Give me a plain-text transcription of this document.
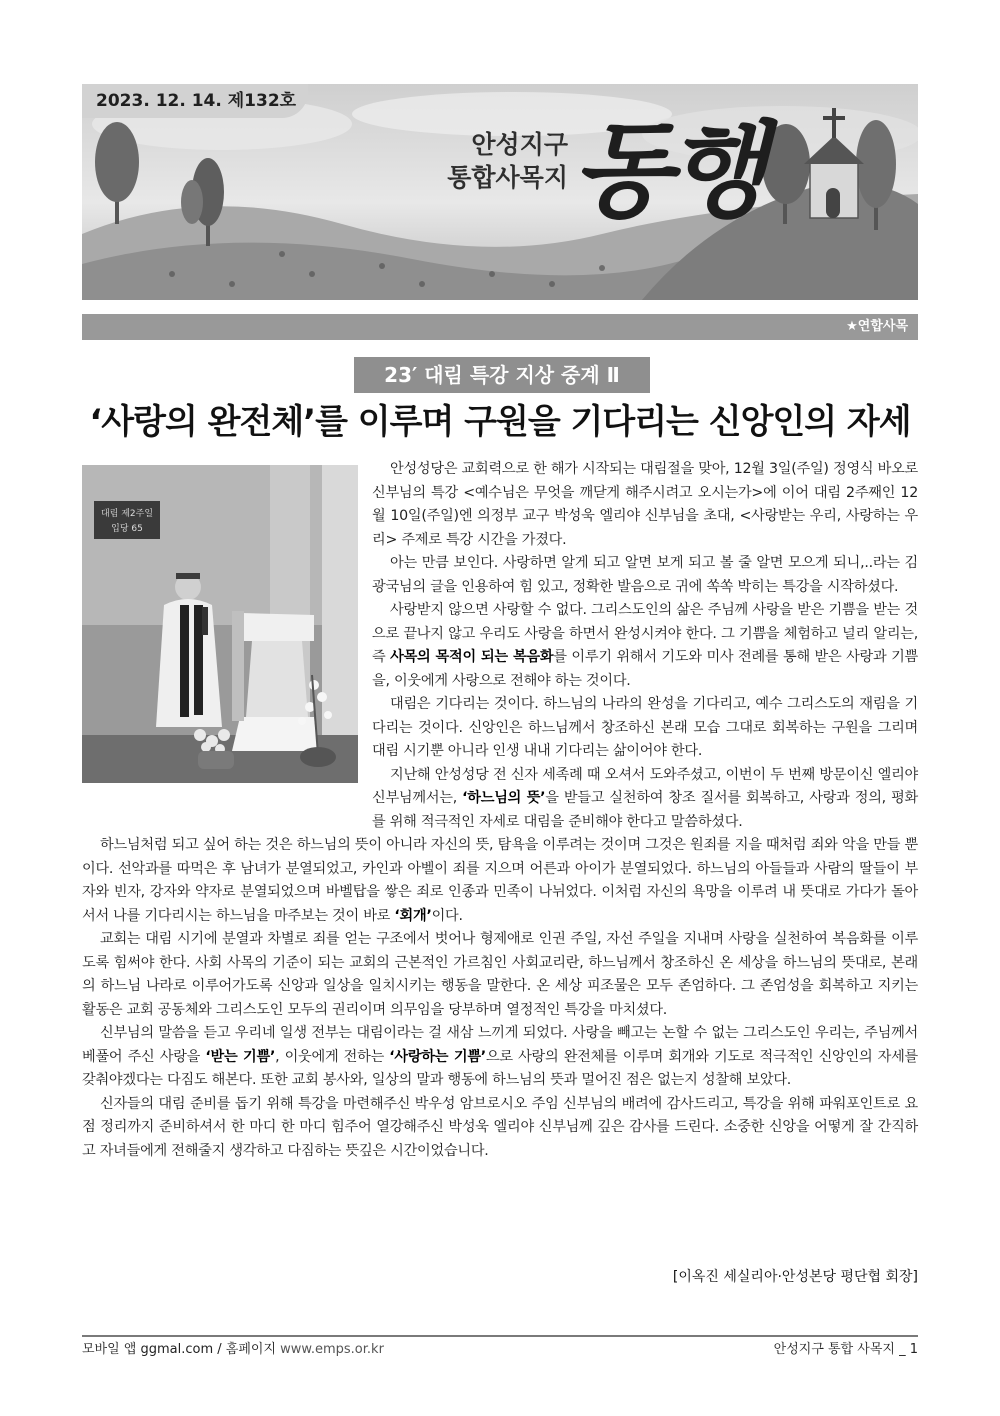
2023. 12. 14. 제132호
안성지구
통합사목지 동행
★연합사목
23′ 대림 특강 지상 중계 Ⅱ
‘사랑의 완전체’를 이루며 구원을 기다리는 신앙인의 자세
대림 제2주일
입당 65

안성성당은 교회력으로 한 해가 시작되는 대림절을 맞아, 12월 3일(주일) 정영식 바오로 신부님의 특강 <예수님은 무엇을 깨닫게 해주시려고 오시는가>에 이어 대림 2주째인 12월 10일(주일)엔 의정부 교구 박성욱 엘리야 신부님을 초대, <사랑받는 우리, 사랑하는 우리> 주제로 특강 시간을 가졌다.

아는 만큼 보인다. 사랑하면 알게 되고 알면 보게 되고 볼 줄 알면 모으게 되니,..라는 김광국님의 글을 인용하여 힘 있고, 정확한 발음으로 귀에 쏙쏙 박히는 특강을 시작하셨다.

사랑받지 않으면 사랑할 수 없다. 그리스도인의 삶은 주님께 사랑을 받은 기쁨을 받는 것으로 끝나지 않고 우리도 사랑을 하면서 완성시켜야 한다. 그 기쁨을 체험하고 널리 알리는, 즉 사목의 목적이 되는 복음화를 이루기 위해서 기도와 미사 전례를 통해 받은 사랑과 기쁨을, 이웃에게 사랑으로 전해야 하는 것이다.

대림은 기다리는 것이다. 하느님의 나라의 완성을 기다리고, 예수 그리스도의 재림을 기다리는 것이다. 신앙인은 하느님께서 창조하신 본래 모습 그대로 회복하는 구원을 그리며 대림 시기뿐 아니라 인생 내내 기다리는 삶이어야 한다.

지난해 안성성당 전 신자 세족례 때 오셔서 도와주셨고, 이번이 두 번째 방문이신 엘리야 신부님께서는, ‘하느님의 뜻’을 받들고 실천하여 창조 질서를 회복하고, 사랑과 정의, 평화를 위해 적극적인 자세로 대림을 준비해야 한다고 말씀하셨다.

하느님처럼 되고 싶어 하는 것은 하느님의 뜻이 아니라 자신의 뜻, 탐욕을 이루려는 것이며 그것은 원죄를 지을 때처럼 죄와 악을 만들 뿐이다. 선악과를 따먹은 후 남녀가 분열되었고, 카인과 아벨이 죄를 지으며 어른과 아이가 분열되었다. 하느님의 아들들과 사람의 딸들이 부자와 빈자, 강자와 약자로 분열되었으며 바벨탑을 쌓은 죄로 인종과 민족이 나뉘었다. 이처럼 자신의 욕망을 이루려 내 뜻대로 가다가 돌아서서 나를 기다리시는 하느님을 마주보는 것이 바로 ‘회개’이다.

교회는 대림 시기에 분열과 차별로 죄를 얻는 구조에서 벗어나 형제애로 인권 주일, 자선 주일을 지내며 사랑을 실천하여 복음화를 이루도록 힘써야 한다. 사회 사목의 기준이 되는 교회의 근본적인 가르침인 사회교리란, 하느님께서 창조하신 온 세상을 하느님의 뜻대로, 본래의 하느님 나라로 이루어가도록 신앙과 일상을 일치시키는 행동을 말한다. 온 세상 피조물은 모두 존엄하다. 그 존엄성을 회복하고 지키는 활동은 교회 공동체와 그리스도인 모두의 권리이며 의무임을 당부하며 열정적인 특강을 마치셨다.

신부님의 말씀을 듣고 우리네 일생 전부는 대림이라는 걸 새삼 느끼게 되었다. 사랑을 빼고는 논할 수 없는 그리스도인 우리는, 주님께서 베풀어 주신 사랑을 ‘받는 기쁨’, 이웃에게 전하는 ‘사랑하는 기쁨’으로 사랑의 완전체를 이루며 회개와 기도로 적극적인 신앙인의 자세를 갖춰야겠다는 다짐도 해본다. 또한 교회 봉사와, 일상의 말과 행동에 하느님의 뜻과 멀어진 점은 없는지 성찰해 보았다.

신자들의 대림 준비를 돕기 위해 특강을 마련해주신 박우성 암브로시오 주임 신부님의 배려에 감사드리고, 특강을 위해 파워포인트로 요점 정리까지 준비하셔서 한 마디 한 마디 힘주어 열강해주신 박성욱 엘리야 신부님께 깊은 감사를 드린다. 소중한 신앙을 어떻게 잘 간직하고 자녀들에게 전해줄지 생각하고 다짐하는 뜻깊은 시간이었습니다.

[이옥진 세실리아·안성본당 평단협 회장]
모바일 앱 ggmal.com / 홈페이지 www.emps.or.kr	안성지구 통합 사목지 _ 1
